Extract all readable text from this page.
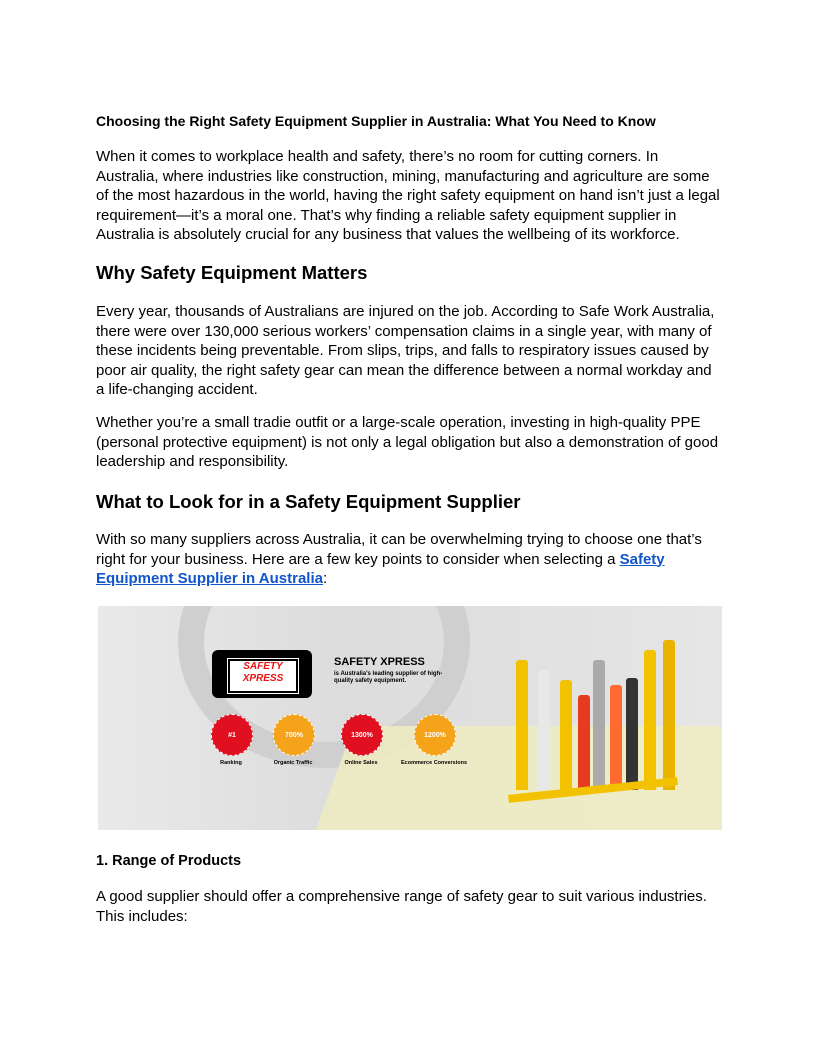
Choosing the Right Safety Equipment Supplier in Australia: What You Need to Know
When it comes to workplace health and safety, there’s no room for cutting corners. In Australia, where industries like construction, mining, manufacturing and agriculture are some of the most hazardous in the world, having the right safety equipment on hand isn’t just a legal requirement—it’s a moral one. That’s why finding a reliable safety equipment supplier in Australia is absolutely crucial for any business that values the wellbeing of its workforce.
Why Safety Equipment Matters
Every year, thousands of Australians are injured on the job. According to Safe Work Australia, there were over 130,000 serious workers’ compensation claims in a single year, with many of these incidents being preventable. From slips, trips, and falls to respiratory issues caused by poor air quality, the right safety gear can mean the difference between a normal workday and a life-changing accident.
Whether you’re a small tradie outfit or a large-scale operation, investing in high-quality PPE (personal protective equipment) is not only a legal obligation but also a demonstration of good leadership and responsibility.
What to Look for in a Safety Equipment Supplier
With so many suppliers across Australia, it can be overwhelming trying to choose one that’s right for your business. Here are a few key points to consider when selecting a Safety Equipment Supplier in Australia:
SAFETY XPRESS
SAFETY XPRESS
is Australia's leading supplier of high-quality safety equipment.
#1	700%	1300%	1200%
Ranking	Organic Traffic	Online Sales	Ecommerce Conversions
1. Range of Products
A good supplier should offer a comprehensive range of safety gear to suit various industries. This includes:
